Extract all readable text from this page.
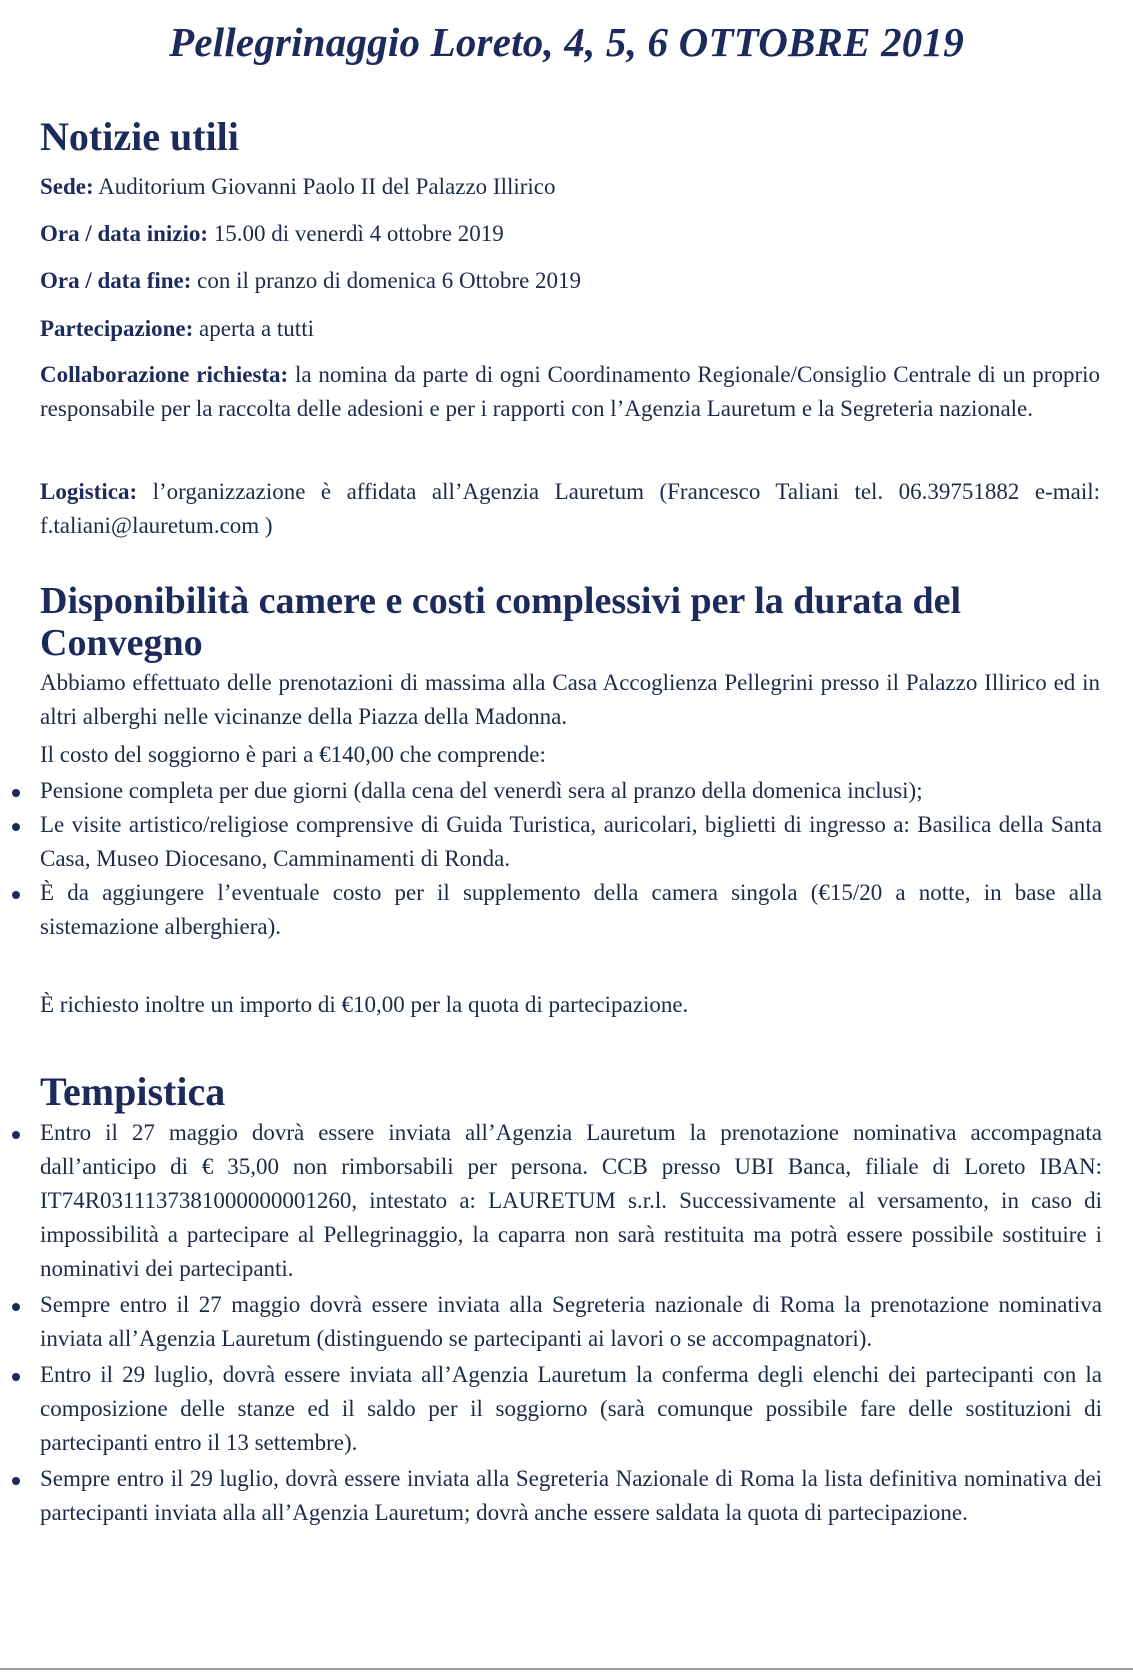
Pellegrinaggio Loreto, 4, 5, 6 OTTOBRE 2019
Notizie utili

Sede: Auditorium Giovanni Paolo II del Palazzo Illirico

Ora / data inizio: 15.00 di venerdì 4 ottobre 2019

Ora / data fine: con il pranzo di domenica 6 Ottobre 2019

Partecipazione: aperta a tutti

Collaborazione richiesta: la nomina da parte di ogni Coordinamento Regionale/Consiglio Centrale di un proprio responsabile per la raccolta delle adesioni e per i rapporti con l’Agenzia Lauretum e la Segreteria nazionale.

Logistica: l’organizzazione è affidata all’Agenzia Lauretum (Francesco Taliani tel. 06.39751882 e-mail: f.taliani@lauretum.com )

Disponibilità camere e costi complessivi per la durata del Convegno

Abbiamo effettuato delle prenotazioni di massima alla Casa Accoglienza Pellegrini presso il Palazzo Illirico ed in altri alberghi nelle vicinanze della Piazza della Madonna.

Il costo del soggiorno è pari a €140,00 che comprende:

Pensione completa per due giorni (dalla cena del venerdì sera al pranzo della domenica inclusi);
Le visite artistico/religiose comprensive di Guida Turistica, auricolari, biglietti di ingresso a: Basilica della Santa Casa, Museo Diocesano, Camminamenti di Ronda.
È da aggiungere l’eventuale costo per il supplemento della camera singola (€15/20 a notte, in base alla sistemazione alberghiera).

È richiesto inoltre un importo di €10,00 per la quota di partecipazione.

Tempistica
Entro il 27 maggio dovrà essere inviata all’Agenzia Lauretum la prenotazione nominativa accompagnata dall’anticipo di € 35,00 non rimborsabili per persona. CCB presso UBI Banca, filiale di Loreto IBAN: IT74R0311137381000000001260, intestato a: LAURETUM s.r.l. Successivamente al versamento, in caso di impossibilità a partecipare al Pellegrinaggio, la caparra non sarà restituita ma potrà essere possibile sostituire i nominativi dei partecipanti.
Sempre entro il 27 maggio dovrà essere inviata alla Segreteria nazionale di Roma la prenotazione nominativa inviata all’Agenzia Lauretum (distinguendo se partecipanti ai lavori o se accompagnatori).
Entro il 29 luglio, dovrà essere inviata all’Agenzia Lauretum la conferma degli elenchi dei partecipanti con la composizione delle stanze ed il saldo per il soggiorno (sarà comunque possibile fare delle sostituzioni di partecipanti entro il 13 settembre).
Sempre entro il 29 luglio, dovrà essere inviata alla Segreteria Nazionale di Roma la lista definitiva nominativa dei partecipanti inviata alla all’Agenzia Lauretum; dovrà anche essere saldata la quota di partecipazione.
